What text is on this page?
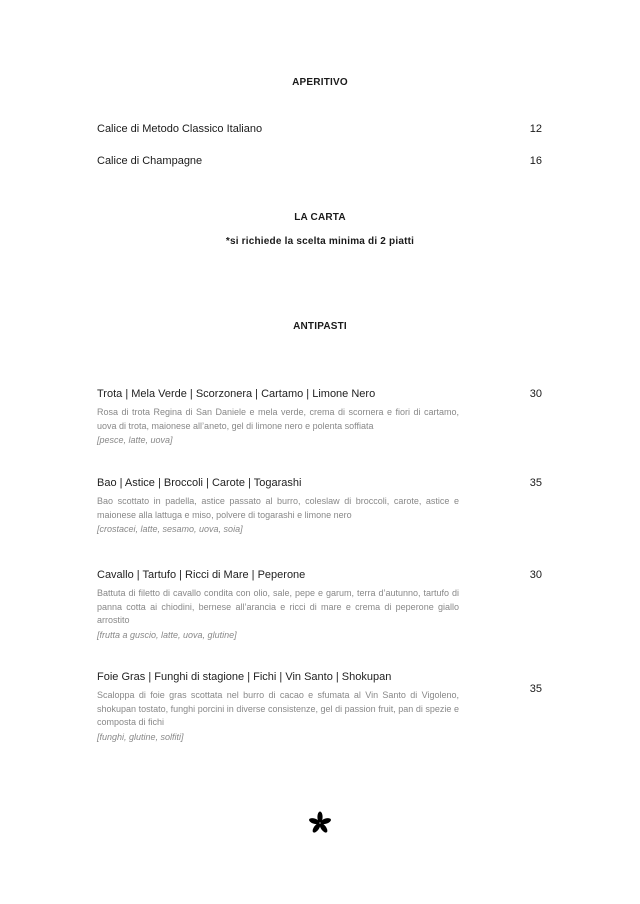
APERITIVO
Calice di Metodo Classico Italiano	12
Calice di Champagne	16
LA CARTA
*si richiede la scelta minima di 2 piatti
ANTIPASTI
30
Trota | Mela Verde | Scorzonera | Cartamo | Limone Nero
Rosa di trota Regina di San Daniele e mela verde, crema di scornera e fiori di cartamo, uova di trota, maionese all’aneto, gel di limone nero e polenta soffiata
[pesce, latte, uova]
35
Bao | Astice | Broccoli | Carote | Togarashi
Bao scottato in padella, astice passato al burro, coleslaw di broccoli, carote, astice e maionese alla lattuga e miso, polvere di togarashi e limone nero
[crostacei, latte, sesamo, uova, soia]
30
Cavallo | Tartufo | Ricci di Mare | Peperone
Battuta di filetto di cavallo condita con olio, sale, pepe e garum, terra d’autunno, tartufo di panna cotta ai chiodini, bernese all’arancia e ricci di mare e crema di peperone giallo arrostito
[frutta a guscio, latte, uova, glutine]
35
Foie Gras | Funghi di stagione | Fichi | Vin Santo | Shokupan
Scaloppa di foie gras scottata nel burro di cacao e sfumata al Vin Santo di Vigoleno, shokupan tostato, funghi porcini in diverse consistenze, gel di passion fruit, pan di spezie e composta di fichi
[funghi, glutine, solfiti]
